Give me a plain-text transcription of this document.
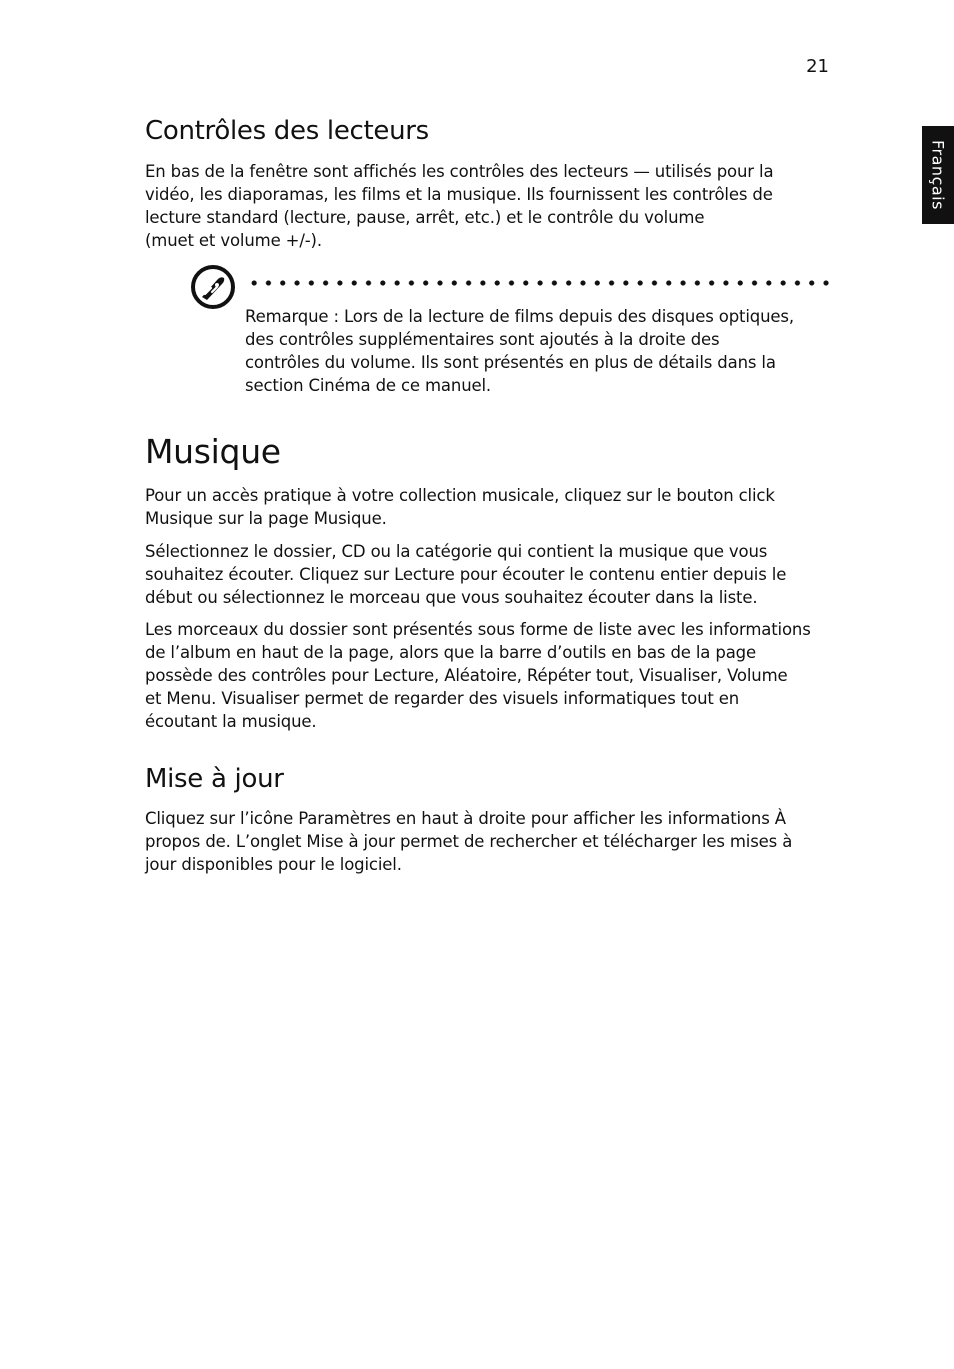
21
Français
Contrôles des lecteurs

En bas de la fenêtre sont affichés les contrôles des lecteurs — utilisés pour la
vidéo, les diaporamas, les films et la musique. Ils fournissent les contrôles de
lecture standard (lecture, pause, arrêt, etc.) et le contrôle du volume
(muet et volume +/-).

Musique

Pour un accès pratique à votre collection musicale, cliquez sur le bouton click
Musique sur la page Musique.

Sélectionnez le dossier, CD ou la catégorie qui contient la musique que vous
souhaitez écouter. Cliquez sur Lecture pour écouter le contenu entier depuis le
début ou sélectionnez le morceau que vous souhaitez écouter dans la liste.

Les morceaux du dossier sont présentés sous forme de liste avec les informations
de l’album en haut de la page, alors que la barre d’outils en bas de la page
possède des contrôles pour Lecture, Aléatoire, Répéter tout, Visualiser, Volume
et Menu. Visualiser permet de regarder des visuels informatiques tout en
écoutant la musique.

Mise à jour

Cliquez sur l’icône Paramètres en haut à droite pour afficher les informations À
propos de. L’onglet Mise à jour permet de rechercher et télécharger les mises à
jour disponibles pour le logiciel.

Remarque : Lors de la lecture de films depuis des disques optiques,
des contrôles supplémentaires sont ajoutés à la droite des
contrôles du volume. Ils sont présentés en plus de détails dans la
section Cinéma de ce manuel.
